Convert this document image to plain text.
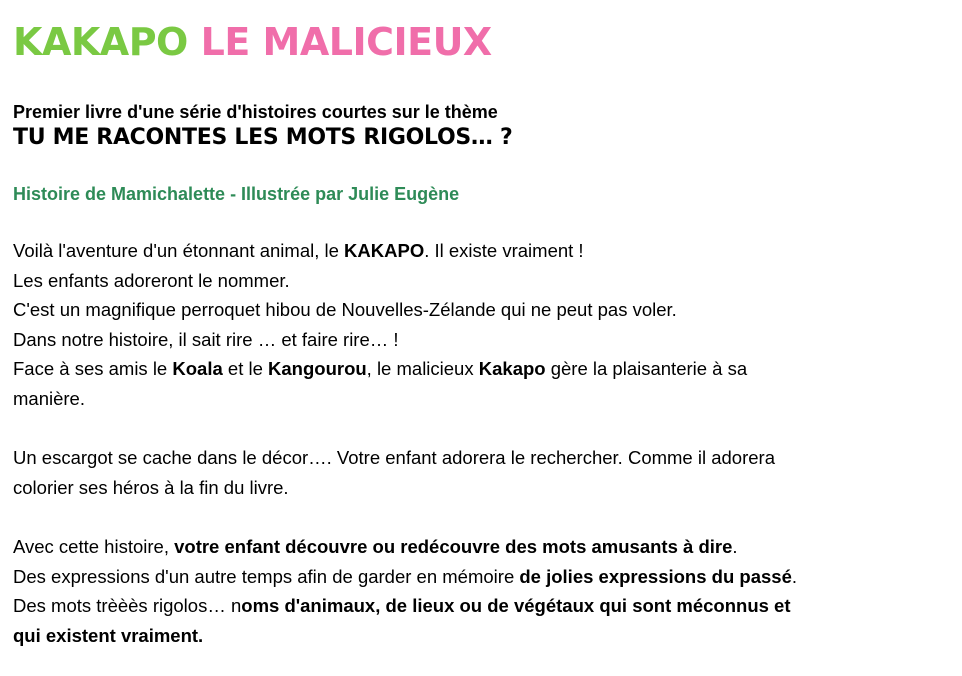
KAKAPO LE MALICIEUX
Premier livre d'une série d'histoires courtes sur le thème
TU ME RACONTES LES MOTS RIGOLOS… ?
Histoire de Mamichalette - Illustrée par Julie Eugène
Voilà l'aventure d'un étonnant animal, le KAKAPO. Il existe vraiment !
Les enfants adoreront le nommer.
C'est un magnifique perroquet hibou de Nouvelles-Zélande qui ne peut pas voler.
Dans notre histoire, il sait rire … et faire rire… !
Face à ses amis le Koala et le Kangourou, le malicieux Kakapo gère la plaisanterie à sa
manière.
Un escargot se cache dans le décor…. Votre enfant adorera le rechercher. Comme il adorera
colorier ses héros à la fin du livre.
Avec cette histoire, votre enfant découvre ou redécouvre des mots amusants à dire.
Des expressions d'un autre temps afin de garder en mémoire de jolies expressions du passé.
Des mots trèèès rigolos… noms d'animaux, de lieux ou de végétaux qui sont méconnus et
qui existent vraiment.
